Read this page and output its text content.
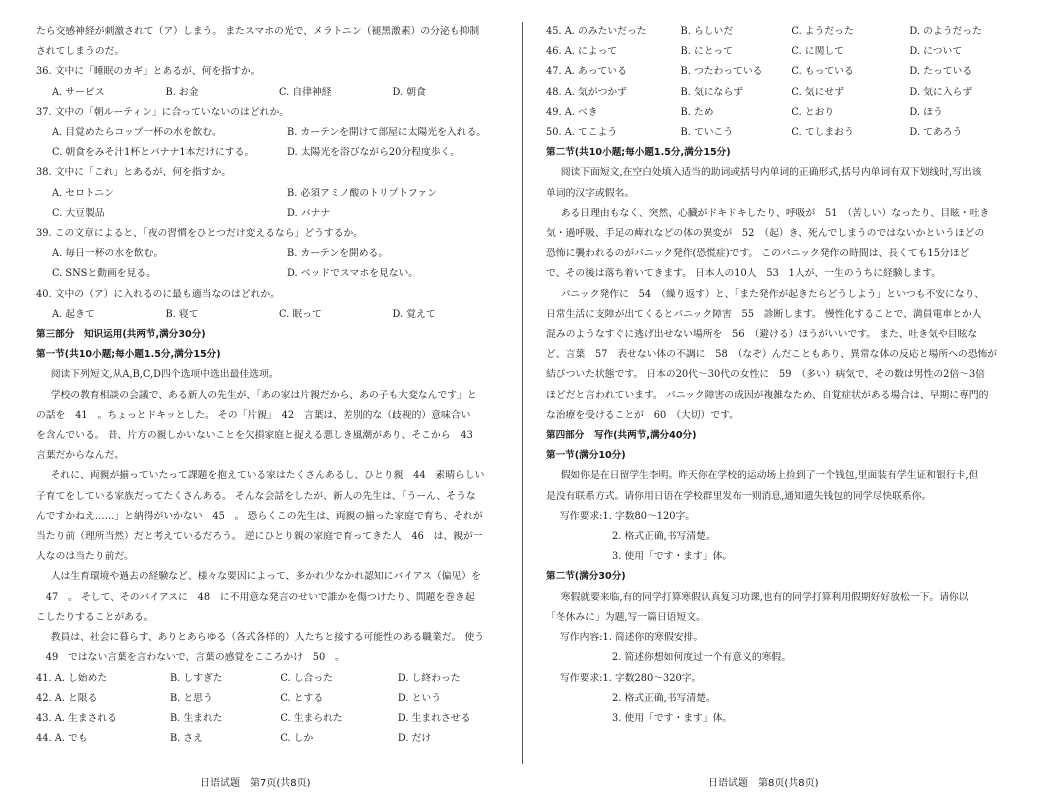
たら交感神経が刺激されて（ア）しまう。 またスマホの光で、メラトニン（褪黑激素）の分泌も抑制
されてしまうのだ。
36. 文中に「睡眠のカギ」とあるが、何を指すか。
A. サービス	B. お金	C. 自律神経	D. 朝食
37. 文中の「朝ルーティン」に合っていないのはどれか。
A. 目覚めたらコップ一杯の水を飲む。	B. カーテンを開けて部屋に太陽光を入れる。
C. 朝食をみそ汁1杯とバナナ1本だけにする。	D. 太陽光を浴びながら20分程度歩く。
38. 文中に「これ」とあるが、何を指すか。
A. セロトニン	B. 必須アミノ酸のトリプトファン
C. 大豆製品	D. バナナ
39. この文章によると、「夜の習慣をひとつだけ変えるなら」どうするか。
A. 毎日一杯の水を飲む。	B. カーテンを開める。
C. SNSと動画を見る。	D. ベッドでスマホを見ない。
40. 文中の（ア）に入れるのに最も適当なのはどれか。
A. 起きて	B. 寝て	C. 眠って	D. 覚えて
第三部分　知识运用(共两节,满分30分)
第一节(共10小题;每小题1.5分,满分15分)
阅读下列短文,从A,B,C,D四个选项中选出最佳选项。
学校の教育相談の会議で、ある新人の先生が、「あの家は片親だから、あの子も大変なんです」と
の話を　41　。ちょっとドキッとした。 その「片親」　42　言葉は、差別的な（歧视的）意味合い
を含んでいる。 昔、片方の親しかいないことを欠損家庭と捉える悪しき風潮があり、そこから　43
言葉だからなんだ。
それに、両親が揃っていたって課題を抱えている家はたくさんあるし、ひとり親　44　素晴らしい
子育てをしている家族だってたくさんある。 そんな会話をしたが、新人の先生は、「うーん、そうな
んですかねえ……」と納得がいかない　45　。 恐らくこの先生は、両親の揃った家庭で育ち、それが
当たり前（理所当然）だと考えているだろう。 逆にひとり親の家庭で育ってきた人　46　は、親が一
人なのは当たり前だ。
人は生育環境や過去の経験など、様々な要因によって、多かれ少なかれ認知にバイアス（偏见）を
　47　。 そして、そのバイアスに　48　に不用意な発言のせいで誰かを傷つけたり、問題を巻き起
こしたりすることがある。
教員は、社会に暮らす、ありとあらゆる（各式各样的）人たちと接する可能性のある職業だ。 使う
　49　ではない言葉を言わないで、言葉の感覚をこころかけ　50　。
41. A. し始めた	B. しすぎた	C. し合った	D. し終わった
42. A. と限る	B. と思う	C. とする	D. という
43. A. 生まされる	B. 生まれた	C. 生まられた	D. 生まれさせる
44. A. でも	B. さえ	C. しか	D. だけ
45. A. のみたいだった	B. らしいだ	C. ようだった	D. のようだった
46. A. によって	B. にとって	C. に関して	D. について
47. A. あっている	B. つたわっている	C. もっている	D. たっている
48. A. 気がつかず	B. 気にならず	C. 気にせず	D. 気に入らず
49. A. べき	B. ため	C. とおり	D. ほう
50. A. てこよう	B. ていこう	C. てしまおう	D. てあろう
第二节(共10小题;每小题1.5分,满分15分)
阅读下面短文,在空白处填入适当的助词或括号内单词的正确形式,括号内单词有双下划线时,写出该
单词的汉字或假名。
ある日理由もなく、突然、心臓がドキドキしたり、呼吸が　51　（苦しい）なったり、目眩・吐き
気・過呼吸、手足の痺れなどの体の異変が　52　（起）き、死んでしまうのではないかというほどの
恐怖に襲われるのがパニック発作(恐慌症)です。 このパニック発作の時間は、長くても15分ほど
で、その後は落ち着いてきます。 日本人の10人　53　1人が、一生のうちに経験します。
パニック発作に　54　（繰り返す）と、「また発作が起きたらどうしよう」といつも不安になり、
日常生活に支障が出てくるとパニック障害　55　診断します。 慢性化することで、満員電車とか人
混みのようなすぐに逃げ出せない場所を　56　（避ける）ほうがいいです。 また、吐き気や目眩な
ど、言葉　57　表せない体の不調に　58　（なぞ）んだこともあり、異常な体の反応と場所への恐怖が
結びついた状態です。 日本の20代～30代の女性に　59　（多い）病気で、その数は男性の2倍～3倍
ほどだと言われています。 パニック障害の成因が複雑なため、自覚症状がある場合は、早期に専門的
な治療を受けることが　60　（大切）です。
第四部分　写作(共两节,满分40分)
第一节(满分10分)
假如你是在日留学生李明。昨天你在学校的运动场上捡到了一个钱包,里面装有学生证和银行卡,但
是没有联系方式。请你用日语在学校群里发布一则消息,通知遗失钱包的同学尽快联系你。
写作要求:1. 字数80～120字。
2. 格式正确,书写清楚。
3. 使用「です・ます」体。
第二节(满分30分)
寒假就要来临,有的同学打算寒假认真复习功课,也有的同学打算利用假期好好放松一下。请你以
「冬休みに」为题,写一篇日语短文。
写作内容:1. 简述你的寒假安排。
2. 简述你想如何度过一个有意义的寒假。
写作要求:1. 字数280～320字。
2. 格式正确,书写清楚。
3. 使用「です・ます」体。
日语试题　第7页(共8页)	日语试题　第8页(共8页)
